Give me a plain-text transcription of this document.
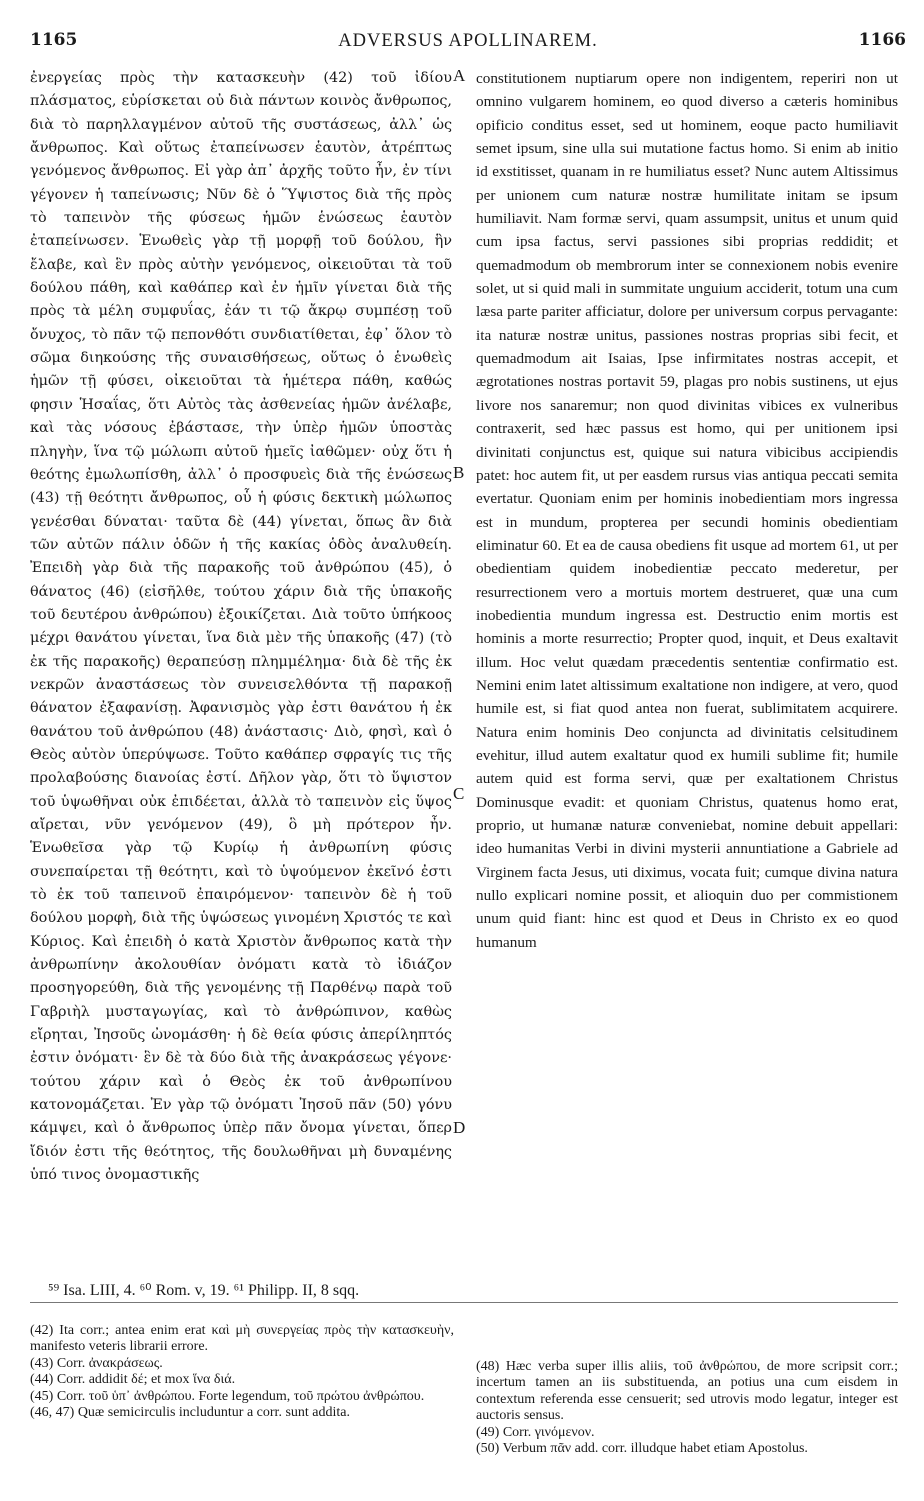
1165	ADVERSUS APOLLINAREM.	1166

ἐνεργείας πρὸς τὴν κατασκευὴν (42) τοῦ ἰδίου πλάσματος, εὑρίσκεται οὐ διὰ πάντων κοινὸς ἄνθρωπος, διὰ τὸ παρηλλαγμένον αὐτοῦ τῆς συστάσεως, ἀλλ᾽ ὡς ἄνθρωπος. Καὶ οὕτως ἐταπείνωσεν ἑαυτὸν, ἀτρέπτως γενόμενος ἄνθρωπος. Εἰ γὰρ ἀπ᾽ ἀρχῆς τοῦτο ἦν, ἐν τίνι γέγονεν ἡ ταπείνωσις; Νῦν δὲ ὁ Ὕψιστος διὰ τῆς πρὸς τὸ ταπεινὸν τῆς φύσεως ἡμῶν ἑνώσεως ἑαυτὸν ἐταπείνωσεν. Ἑνωθεὶς γὰρ τῇ μορφῇ τοῦ δούλου, ἣν ἔλαβε, καὶ ἓν πρὸς αὐτὴν γενόμενος, οἰκειοῦται τὰ τοῦ δούλου πάθη, καὶ καθάπερ καὶ ἐν ἡμῖν γίνεται διὰ τῆς πρὸς τὰ μέλη συμφυΐας, ἐάν τι τῷ ἄκρῳ συμπέσῃ τοῦ ὄνυχος, τὸ πᾶν τῷ πεπονθότι συνδιατίθεται, ἐφ᾽ ὅλον τὸ σῶμα διηκούσης τῆς συναισθήσεως, οὕτως ὁ ἑνωθεὶς ἡμῶν τῇ φύσει, οἰκειοῦται τὰ ἡμέτερα πάθη, καθώς φησιν Ἡσαΐας, ὅτι Αὐτὸς τὰς ἀσθενείας ἡμῶν ἀνέλαβε, καὶ τὰς νόσους ἐβάστασε, τὴν ὑπὲρ ἡμῶν ὑποστὰς πληγὴν, ἵνα τῷ μώλωπι αὐτοῦ ἡμεῖς ἰαθῶμεν· οὐχ ὅτι ἡ θεότης ἐμωλωπίσθη, ἀλλ᾽ ὁ προσφυεὶς διὰ τῆς ἑνώσεως (43) τῇ θεότητι ἄνθρωπος, οὗ ἡ φύσις δεκτικὴ μώλωπος γενέσθαι δύναται· ταῦτα δὲ (44) γίνεται, ὅπως ἂν διὰ τῶν αὐτῶν πάλιν ὁδῶν ἡ τῆς κακίας ὁδὸς ἀναλυθείη. Ἐπειδὴ γὰρ διὰ τῆς παρακοῆς τοῦ ἀνθρώπου (45), ὁ θάνατος (46) (εἰσῆλθε, τούτου χάριν διὰ τῆς ὑπακοῆς τοῦ δευτέρου ἀνθρώπου) ἐξοικίζεται. Διὰ τοῦτο ὑπήκοος μέχρι θανάτου γίνεται, ἵνα διὰ μὲν τῆς ὑπακοῆς (47) (τὸ ἐκ τῆς παρακοῆς) θεραπεύσῃ πλημμέλημα· διὰ δὲ τῆς ἐκ νεκρῶν ἀναστάσεως τὸν συνεισελθόντα τῇ παρακοῇ θάνατον ἐξαφανίσῃ. Ἀφανισμὸς γὰρ ἐστι θανάτου ἡ ἐκ θανάτου τοῦ ἀνθρώπου (48) ἀνάστασις· Διὸ, φησὶ, καὶ ὁ Θεὸς αὐτὸν ὑπερύψωσε. Τοῦτο καθάπερ σφραγίς τις τῆς προλαβούσης διανοίας ἐστί. Δῆλον γὰρ, ὅτι τὸ ὕψιστον τοῦ ὑψωθῆναι οὐκ ἐπιδέεται, ἀλλὰ τὸ ταπεινὸν εἰς ὕψος αἴρεται, νῦν γενόμενον (49), ὃ μὴ πρότερον ἦν. Ἑνωθεῖσα γὰρ τῷ Κυρίῳ ἡ ἀνθρωπίνη φύσις συνεπαίρεται τῇ θεότητι, καὶ τὸ ὑψούμενον ἐκεῖνό ἐστι τὸ ἐκ τοῦ ταπεινοῦ ἐπαιρόμενον· ταπεινὸν δὲ ἡ τοῦ δούλου μορφὴ, διὰ τῆς ὑψώσεως γινομένη Χριστός τε καὶ Κύριος. Καὶ ἐπειδὴ ὁ κατὰ Χριστὸν ἄνθρωπος κατὰ τὴν ἀνθρωπίνην ἀκολουθίαν ὀνόματι κατὰ τὸ ἰδιάζον προσηγορεύθη, διὰ τῆς γενομένης τῇ Παρθένῳ παρὰ τοῦ Γαβριὴλ μυσταγωγίας, καὶ τὸ ἀνθρώπινον, καθὼς εἴρηται, Ἰησοῦς ὠνομάσθη· ἡ δὲ θεία φύσις ἀπερίληπτός ἐστιν ὀνόματι· ἓν δὲ τὰ δύο διὰ τῆς ἀνακράσεως γέγονε· τούτου χάριν καὶ ὁ Θεὸς ἐκ τοῦ ἀνθρωπίνου κατονομάζεται. Ἐν γὰρ τῷ ὀνόματι Ἰησοῦ πᾶν (50) γόνυ κάμψει, καὶ ὁ ἄνθρωπος ὑπὲρ πᾶν ὄνομα γίνεται, ὅπερ ἴδιόν ἐστι τῆς θεότητος, τῆς δουλωθῆναι μὴ δυναμένης ὑπό τινος ὀνομαστικῆς

A
B
C
D

constitutionem nuptiarum opere non indigentem, reperiri non ut omnino vulgarem hominem, eo quod diverso a cæteris hominibus opificio conditus esset, sed ut hominem, eoque pacto humiliavit semet ipsum, sine ulla sui mutatione factus homo. Si enim ab initio id exstitisset, quanam in re humiliatus esset? Nunc autem Altissimus per unionem cum naturæ nostræ humilitate initam se ipsum humiliavit. Nam formæ servi, quam assumpsit, unitus et unum quid cum ipsa factus, servi passiones sibi proprias reddidit; et quemadmodum ob membrorum inter se connexionem nobis evenire solet, ut si quid mali in summitate unguium acciderit, totum una cum læsa parte pariter afficiatur, dolore per universum corpus pervagante: ita naturæ nostræ unitus, passiones nostras proprias sibi fecit, et quemadmodum ait Isaias, Ipse infirmitates nostras accepit, et ægrotationes nostras portavit 59, plagas pro nobis sustinens, ut ejus livore nos sanaremur; non quod divinitas vibices ex vulneribus contraxerit, sed hæc passus est homo, qui per unitionem ipsi divinitati conjunctus est, quique sui natura vibicibus accipiendis patet: hoc autem fit, ut per easdem rursus vias antiqua peccati semita evertatur. Quoniam enim per hominis inobedientiam mors ingressa est in mundum, propterea per secundi hominis obedientiam eliminatur 60. Et ea de causa obediens fit usque ad mortem 61, ut per obedientiam quidem inobedientiæ peccato mederetur, per resurrectionem vero a mortuis mortem destrueret, quæ una cum inobedientia mundum ingressa est. Destructio enim mortis est hominis a morte resurrectio; Propter quod, inquit, et Deus exaltavit illum. Hoc velut quædam præcedentis sententiæ confirmatio est. Nemini enim latet altissimum exaltatione non indigere, at vero, quod humile est, si fiat quod antea non fuerat, sublimitatem acquirere. Natura enim hominis Deo conjuncta ad divinitatis celsitudinem evehitur, illud autem exaltatur quod ex humili sublime fit; humile autem quid est forma servi, quæ per exaltationem Christus Dominusque evadit: et quoniam Christus, quatenus homo erat, proprio, ut humanæ naturæ conveniebat, nomine debuit appellari: ideo humanitas Verbi in divini mysterii annuntiatione a Gabriele ad Virginem facta Jesus, uti diximus, vocata fuit; cumque divina natura nullo explicari nomine possit, et alioquin duo per commistionem unum quid fiant: hinc est quod et Deus in Christo ex eo quod humanum

⁵⁹ Isa. LIII, 4. ⁶⁰ Rom. v, 19. ⁶¹ Philipp. II, 8 sqq.

(42) Ita corr.; antea enim erat καὶ μὴ συνεργείας πρὸς τὴν κατασκευὴν, manifesto veteris librarii errore.

(43) Corr. ἀνακράσεως.

(44) Corr. addidit δέ; et mox ἵνα διά.

(45) Corr. τοῦ ὑπ᾽ ἀνθρώπου. Forte legendum, τοῦ πρώτου ἀνθρώπου.

(46, 47) Quæ semicirculis includuntur a corr. sunt addita.

(48) Hæc verba super illis aliis, τοῦ ἀνθρώπου, de more scripsit corr.; incertum tamen an iis substituenda, an potius una cum eisdem in contextum referenda esse censuerit; sed utrovis modo legatur, integer est auctoris sensus.

(49) Corr. γινόμενον.

(50) Verbum πᾶν add. corr. illudque habet etiam Apostolus.
